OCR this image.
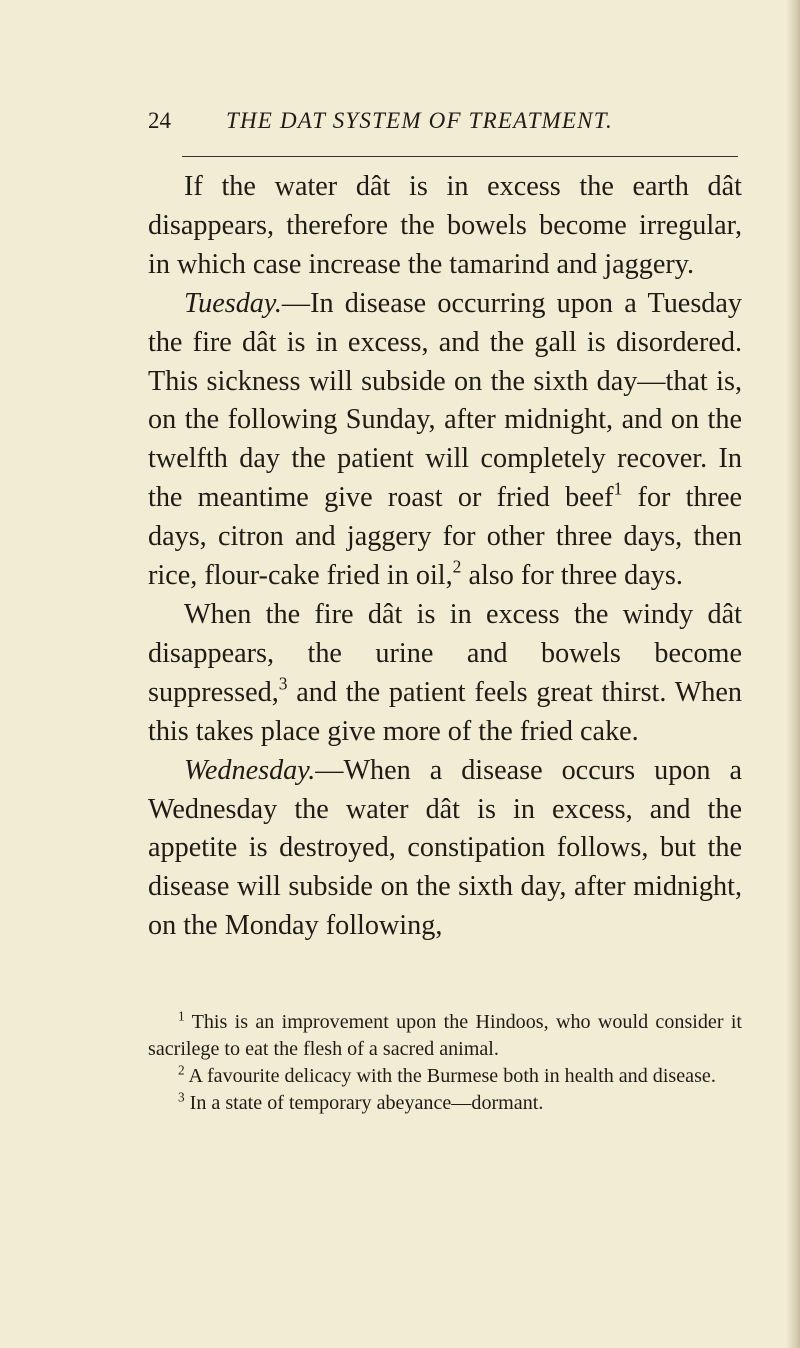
24 THE DAT SYSTEM OF TREATMENT.

If the water dât is in excess the earth dât disappears, therefore the bowels become irregular, in which case increase the tamarind and jaggery.

Tuesday.—In disease occurring upon a Tuesday the fire dât is in excess, and the gall is disordered. This sickness will subside on the sixth day—that is, on the following Sunday, after midnight, and on the twelfth day the patient will completely recover. In the meantime give roast or fried beef$^1$ for three days, citron and jaggery for other three days, then rice, flour-cake fried in oil,$^2$ also for three days.

When the fire dât is in excess the windy dât disappears, the urine and bowels become suppressed,$^3$ and the patient feels great thirst. When this takes place give more of the fried cake.

Wednesday.—When a disease occurs upon a Wednesday the water dât is in excess, and the appetite is destroyed, constipation follows, but the disease will subside on the sixth day, after midnight, on the Monday following,

$^1$ This is an improvement upon the Hindoos, who would consider it sacrilege to eat the flesh of a sacred animal.

$^2$ A favourite delicacy with the Burmese both in health and disease.

$^3$ In a state of temporary abeyance—dormant.
